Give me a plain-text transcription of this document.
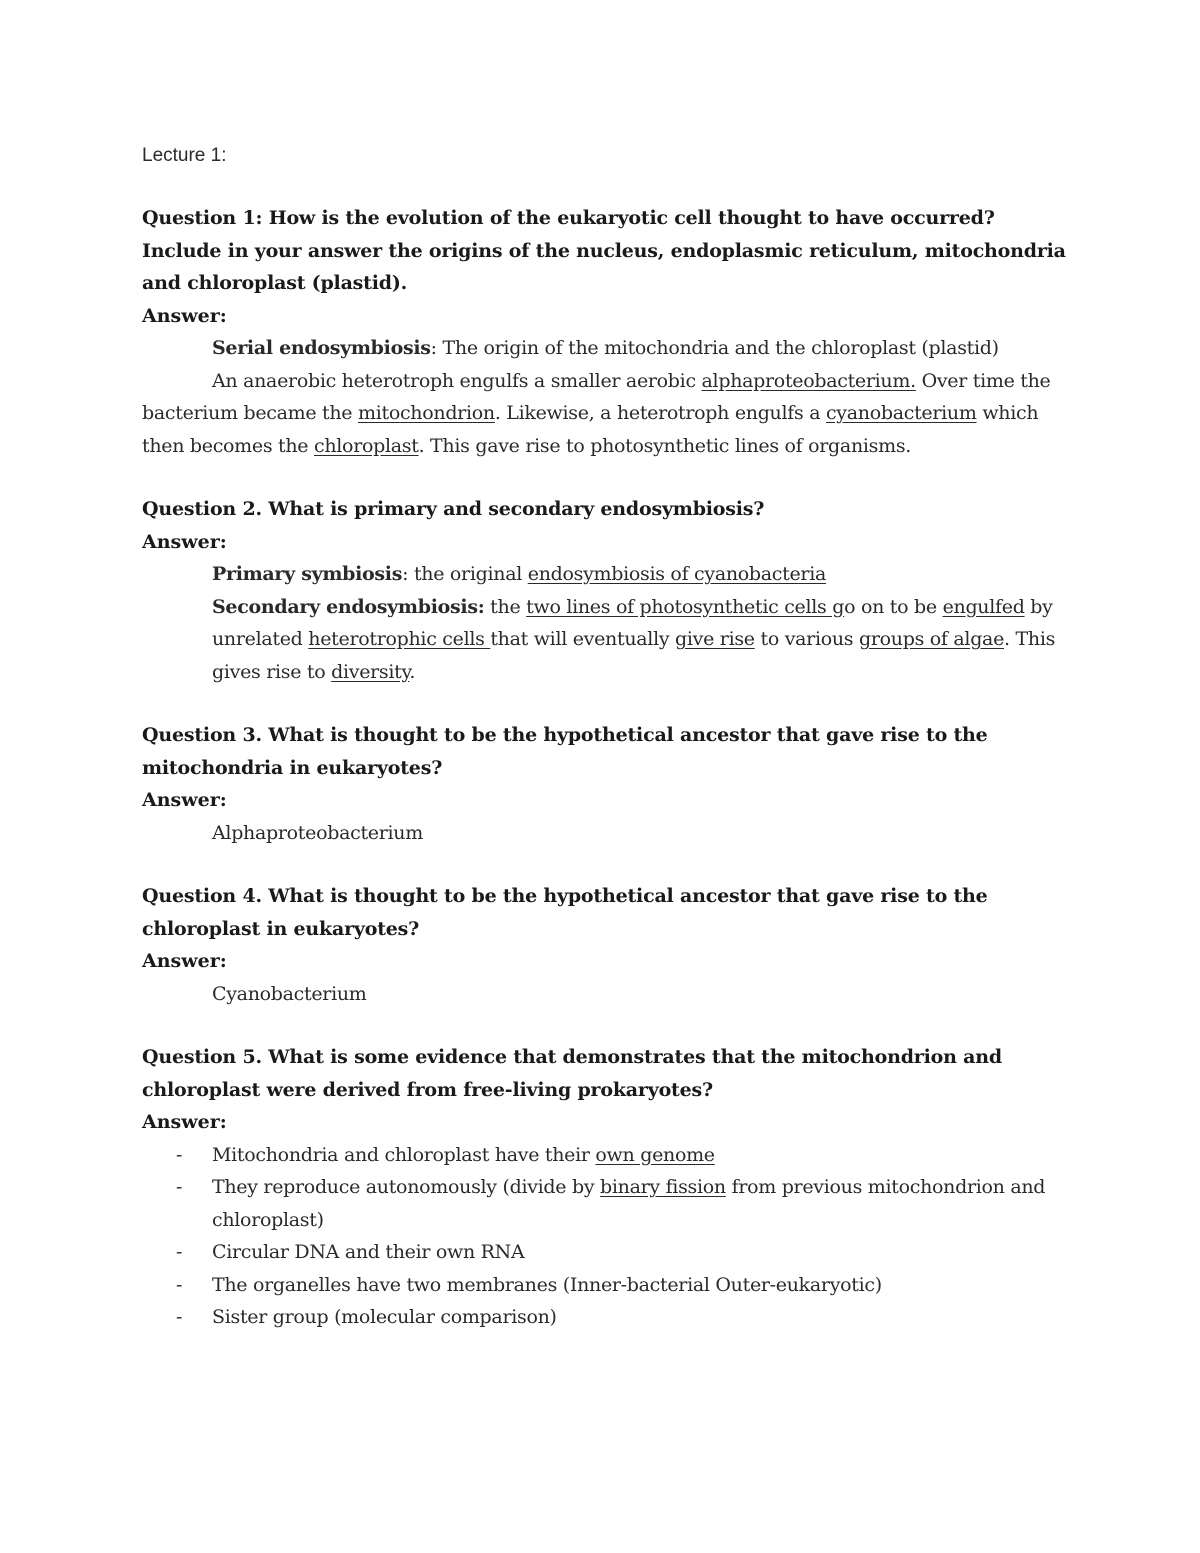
Lecture 1:
Question 1: How is the evolution of the eukaryotic cell thought to have occurred? Include in your answer the origins of the nucleus, endoplasmic reticulum, mitochondria and chloroplast (plastid).
Answer:
Serial endosymbiosis: The origin of the mitochondria and the chloroplast (plastid)
An anaerobic heterotroph engulfs a smaller aerobic alphaproteobacterium. Over time the bacterium became the mitochondrion. Likewise, a heterotroph engulfs a cyanobacterium which then becomes the chloroplast. This gave rise to photosynthetic lines of organisms.
Question 2. What is primary and secondary endosymbiosis?
Answer:
Primary symbiosis: the original endosymbiosis of cyanobacteria
Secondary endosymbiosis: the two lines of photosynthetic cells go on to be engulfed by unrelated heterotrophic cells that will eventually give rise to various groups of algae. This gives rise to diversity.
Question 3. What is thought to be the hypothetical ancestor that gave rise to the mitochondria in eukaryotes?
Answer:
Alphaproteobacterium
Question 4. What is thought to be the hypothetical ancestor that gave rise to the chloroplast in eukaryotes?
Answer:
Cyanobacterium
Question 5. What is some evidence that demonstrates that the mitochondrion and chloroplast were derived from free-living prokaryotes?
Answer:
- Mitochondria and chloroplast have their own genome
- They reproduce autonomously (divide by binary fission from previous mitochondrion and chloroplast)
- Circular DNA and their own RNA
- The organelles have two membranes (Inner-bacterial Outer-eukaryotic)
- Sister group (molecular comparison)
